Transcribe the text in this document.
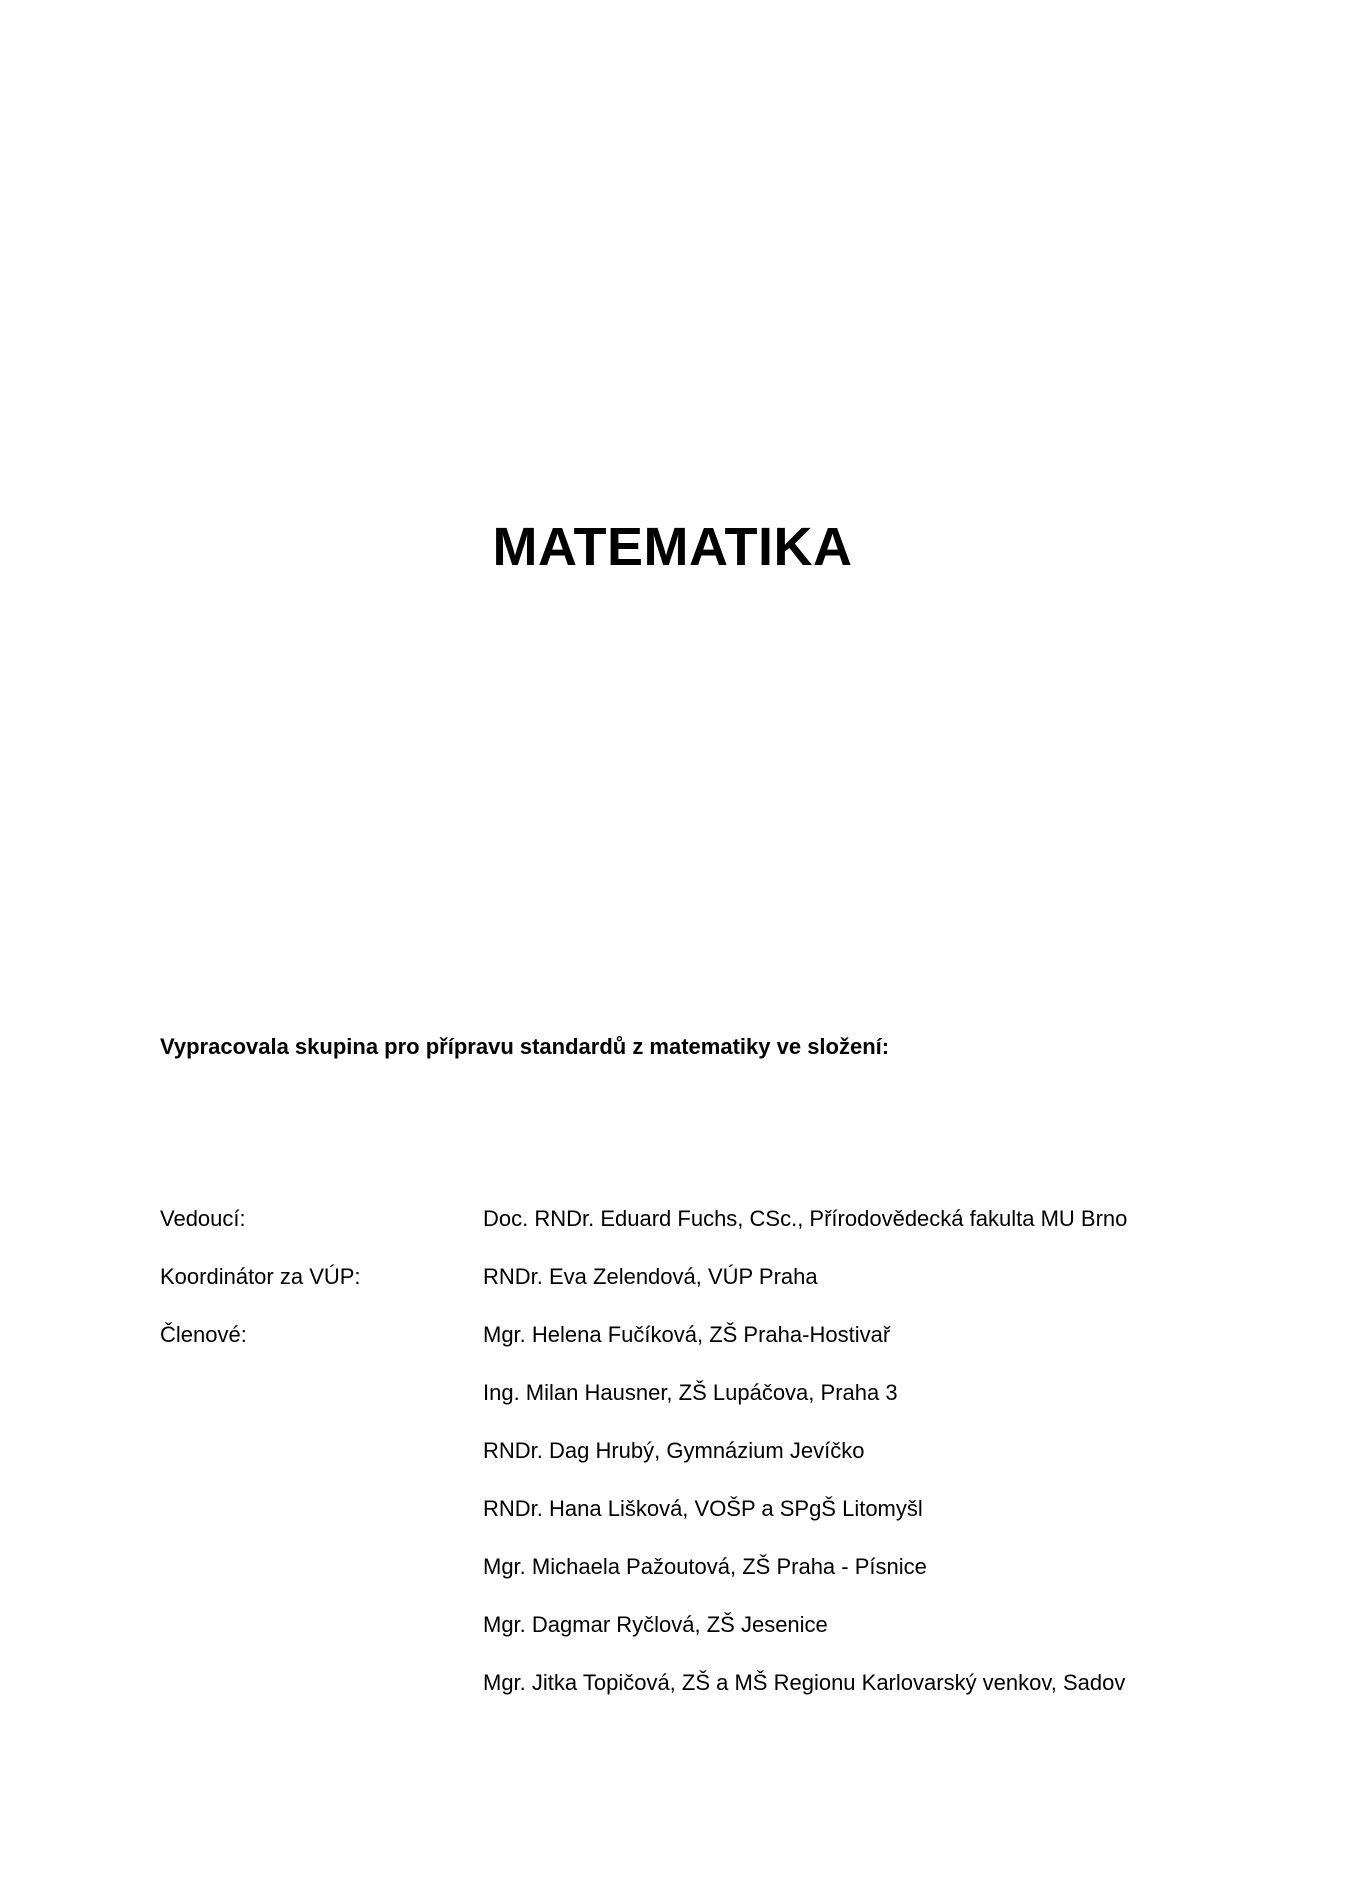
MATEMATIKA

Vypracovala skupina pro přípravu standardů z matematiky ve složení:

Vedoucí:	Doc. RNDr. Eduard Fuchs, CSc., Přírodovědecká fakulta MU Brno
Koordinátor za VÚP:	RNDr. Eva Zelendová, VÚP Praha
Členové:	Mgr. Helena Fučíková, ZŠ Praha-Hostivař
Ing. Milan Hausner, ZŠ Lupáčova, Praha 3
RNDr. Dag Hrubý, Gymnázium Jevíčko
RNDr. Hana Lišková, VOŠP a SPgŠ Litomyšl
Mgr. Michaela Pažoutová, ZŠ Praha - Písnice
Mgr. Dagmar Ryčlová, ZŠ Jesenice
Mgr. Jitka Topičová, ZŠ a MŠ Regionu Karlovarský venkov, Sadov
